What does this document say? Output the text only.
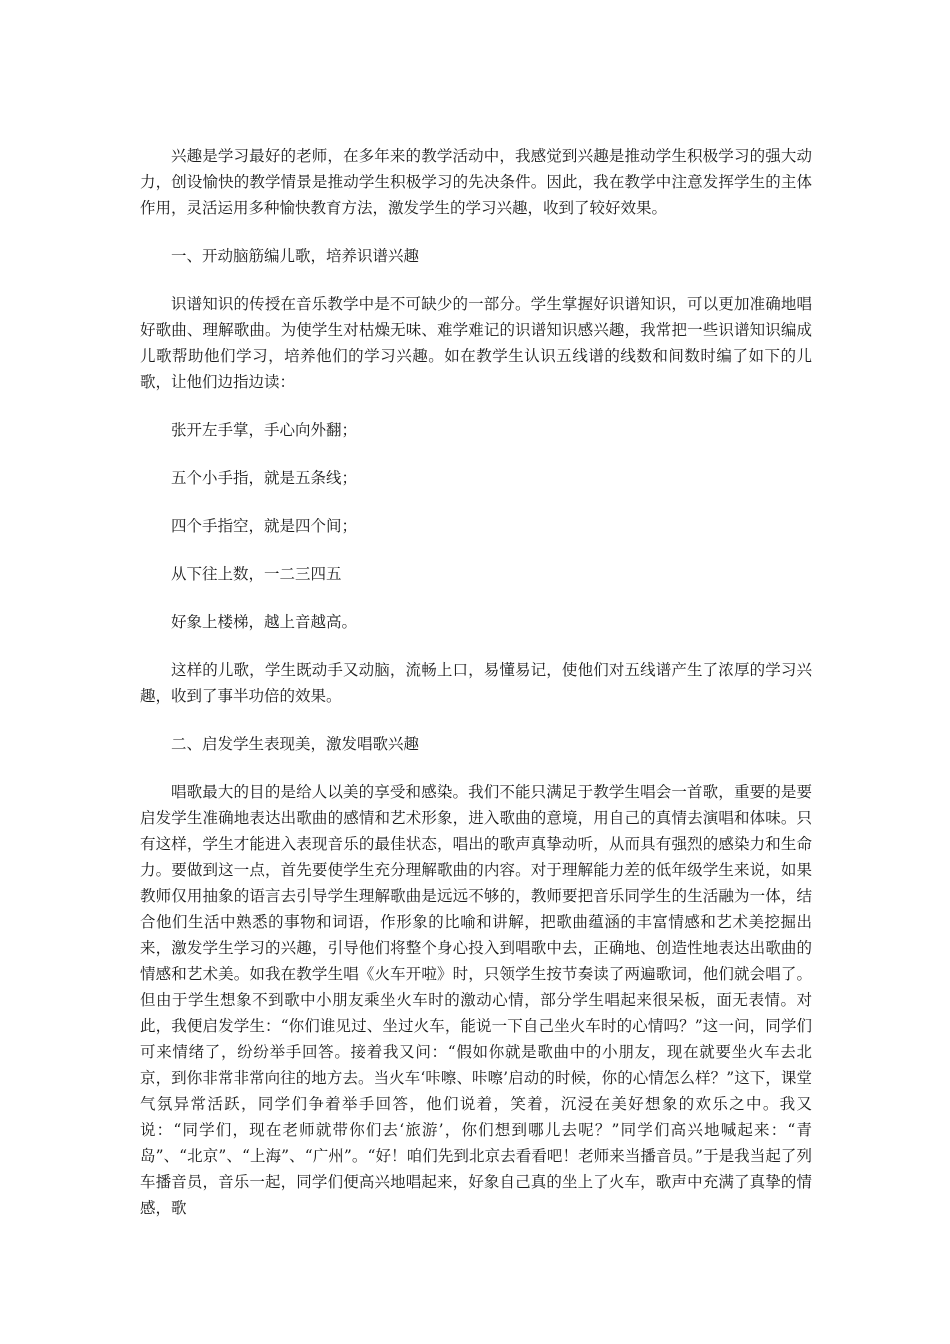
兴趣是学习最好的老师，在多年来的教学活动中，我感觉到兴趣是推动学生积极学习的强大动力，创设愉快的教学情景是推动学生积极学习的先决条件。因此，我在教学中注意发挥学生的主体作用，灵活运用多种愉快教育方法，激发学生的学习兴趣，收到了较好效果。

一、开动脑筋编儿歌，培养识谱兴趣

识谱知识的传授在音乐教学中是不可缺少的一部分。学生掌握好识谱知识，可以更加准确地唱好歌曲、理解歌曲。为使学生对枯燥无味、难学难记的识谱知识感兴趣，我常把一些识谱知识编成儿歌帮助他们学习，培养他们的学习兴趣。如在教学生认识五线谱的线数和间数时编了如下的儿歌，让他们边指边读：

张开左手掌，手心向外翻；

五个小手指，就是五条线；

四个手指空，就是四个间；

从下往上数，一二三四五

好象上楼梯，越上音越高。

这样的儿歌，学生既动手又动脑，流畅上口，易懂易记，使他们对五线谱产生了浓厚的学习兴趣，收到了事半功倍的效果。

二、启发学生表现美，激发唱歌兴趣

唱歌最大的目的是给人以美的享受和感染。我们不能只满足于教学生唱会一首歌，重要的是要启发学生准确地表达出歌曲的感情和艺术形象，进入歌曲的意境，用自己的真情去演唱和体味。只有这样，学生才能进入表现音乐的最佳状态，唱出的歌声真挚动听，从而具有强烈的感染力和生命力。要做到这一点，首先要使学生充分理解歌曲的内容。对于理解能力差的低年级学生来说，如果教师仅用抽象的语言去引导学生理解歌曲是远远不够的，教师要把音乐同学生的生活融为一体，结合他们生活中熟悉的事物和词语，作形象的比喻和讲解，把歌曲蕴涵的丰富情感和艺术美挖掘出来，激发学生学习的兴趣，引导他们将整个身心投入到唱歌中去，正确地、创造性地表达出歌曲的情感和艺术美。如我在教学生唱《火车开啦》时，只领学生按节奏读了两遍歌词，他们就会唱了。但由于学生想象不到歌中小朋友乘坐火车时的激动心情，部分学生唱起来很呆板，面无表情。对此，我便启发学生：“你们谁见过、坐过火车，能说一下自己坐火车时的心情吗？”这一问，同学们可来情绪了，纷纷举手回答。接着我又问：“假如你就是歌曲中的小朋友，现在就要坐火车去北京，到你非常非常向往的地方去。当火车‘咔嚓、咔嚓’启动的时候，你的心情怎么样？”这下，课堂气氛异常活跃，同学们争着举手回答，他们说着，笑着，沉浸在美好想象的欢乐之中。我又说：“同学们，现在老师就带你们去‘旅游’，你们想到哪儿去呢？”同学们高兴地喊起来：“青岛”、“北京”、“上海”、“广州”。“好！咱们先到北京去看看吧！老师来当播音员。”于是我当起了列车播音员，音乐一起，同学们便高兴地唱起来，好象自己真的坐上了火车，歌声中充满了真挚的情感，歌
